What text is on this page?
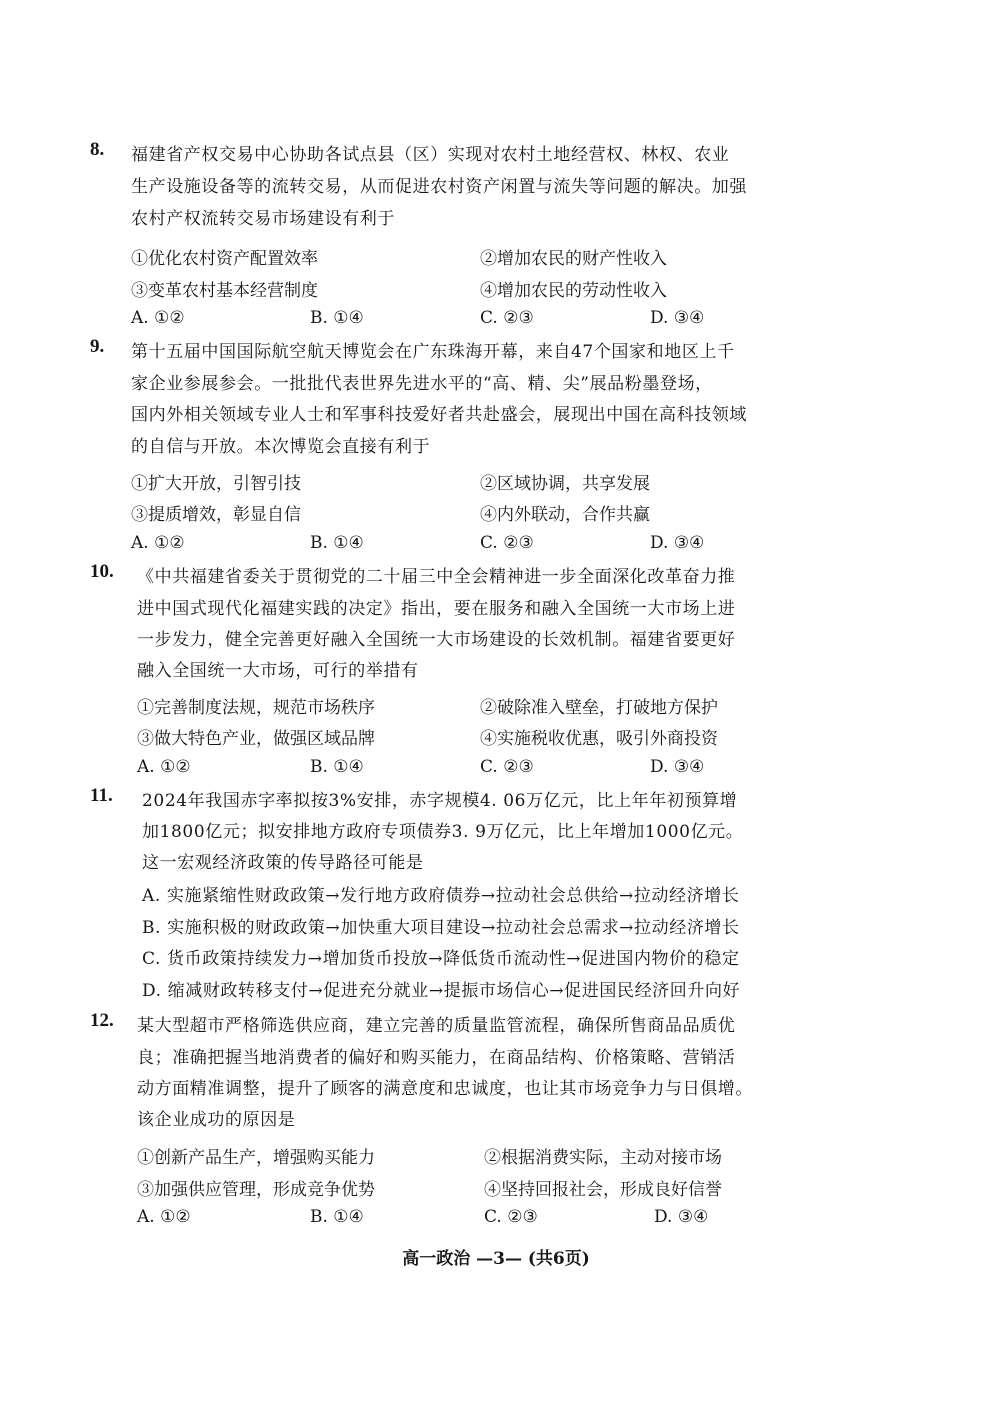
8. 福建省产权交易中心协助各试点县（区）实现对农村土地经营权、林权、农业
生产设施设备等的流转交易，从而促进农村资产闲置与流失等问题的解决。加强
农村产权流转交易市场建设有利于
①优化农村资产配置效率	②增加农民的财产性收入
③变革农村基本经营制度	④增加农民的劳动性收入
A. ①②	B. ①④	C. ②③	D. ③④
9. 第十五届中国国际航空航天博览会在广东珠海开幕，来自47个国家和地区上千
家企业参展参会。一批批代表世界先进水平的“高、精、尖”展品粉墨登场，
国内外相关领域专业人士和军事科技爱好者共赴盛会，展现出中国在高科技领域
的自信与开放。本次博览会直接有利于
①扩大开放，引智引技	②区域协调，共享发展
③提质增效，彰显自信	④内外联动，合作共赢
A. ①②	B. ①④	C. ②③	D. ③④
10. 《中共福建省委关于贯彻党的二十届三中全会精神进一步全面深化改革奋力推
进中国式现代化福建实践的决定》指出，要在服务和融入全国统一大市场上进
一步发力，健全完善更好融入全国统一大市场建设的长效机制。福建省要更好
融入全国统一大市场，可行的举措有
①完善制度法规，规范市场秩序	②破除准入壁垒，打破地方保护
③做大特色产业，做强区域品牌	④实施税收优惠，吸引外商投资
A. ①②	B. ①④	C. ②③	D. ③④
11. 2024年我国赤字率拟按3%安排，赤字规模4. 06万亿元，比上年年初预算增
加1800亿元；拟安排地方政府专项债券3. 9万亿元，比上年增加1000亿元。
这一宏观经济政策的传导路径可能是
A. 实施紧缩性财政政策→发行地方政府债券→拉动社会总供给→拉动经济增长
B. 实施积极的财政政策→加快重大项目建设→拉动社会总需求→拉动经济增长
C. 货币政策持续发力→增加货币投放→降低货币流动性→促进国内物价的稳定
D. 缩减财政转移支付→促进充分就业→提振市场信心→促进国民经济回升向好
12. 某大型超市严格筛选供应商，建立完善的质量监管流程，确保所售商品品质优
良；准确把握当地消费者的偏好和购买能力，在商品结构、价格策略、营销活
动方面精准调整，提升了顾客的满意度和忠诚度，也让其市场竞争力与日俱增。
该企业成功的原因是
①创新产品生产，增强购买能力	②根据消费实际，主动对接市场
③加强供应管理，形成竞争优势	④坚持回报社会，形成良好信誉
A. ①②	B. ①④	C. ②③	D. ③④
高一政治 —3— (共6页)
